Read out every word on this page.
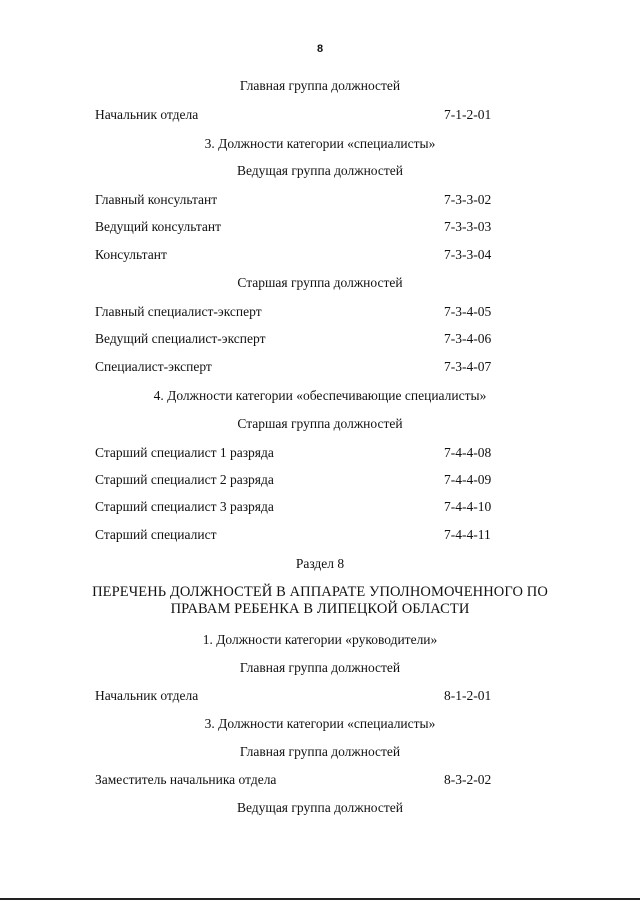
8
Главная группа должностей
Начальник отдела	7-1-2-01
3. Должности категории «специалисты»
Ведущая группа должностей
Главный консультант	7-3-3-02
Ведущий консультант	7-3-3-03
Консультант	7-3-3-04
Старшая группа должностей
Главный специалист-эксперт	7-3-4-05
Ведущий специалист-эксперт	7-3-4-06
Специалист-эксперт	7-3-4-07
4. Должности категории «обеспечивающие специалисты»
Старшая группа должностей
Старший специалист 1 разряда	7-4-4-08
Старший специалист 2 разряда	7-4-4-09
Старший специалист 3 разряда	7-4-4-10
Старший специалист	7-4-4-11
Раздел 8
ПЕРЕЧЕНЬ ДОЛЖНОСТЕЙ В АППАРАТЕ УПОЛНОМОЧЕННОГО ПО
ПРАВАМ РЕБЕНКА В ЛИПЕЦКОЙ ОБЛАСТИ
1. Должности категории «руководители»
Главная группа должностей
Начальник отдела	8-1-2-01
3. Должности категории «специалисты»
Главная группа должностей
Заместитель начальника отдела	8-3-2-02
Ведущая группа должностей
